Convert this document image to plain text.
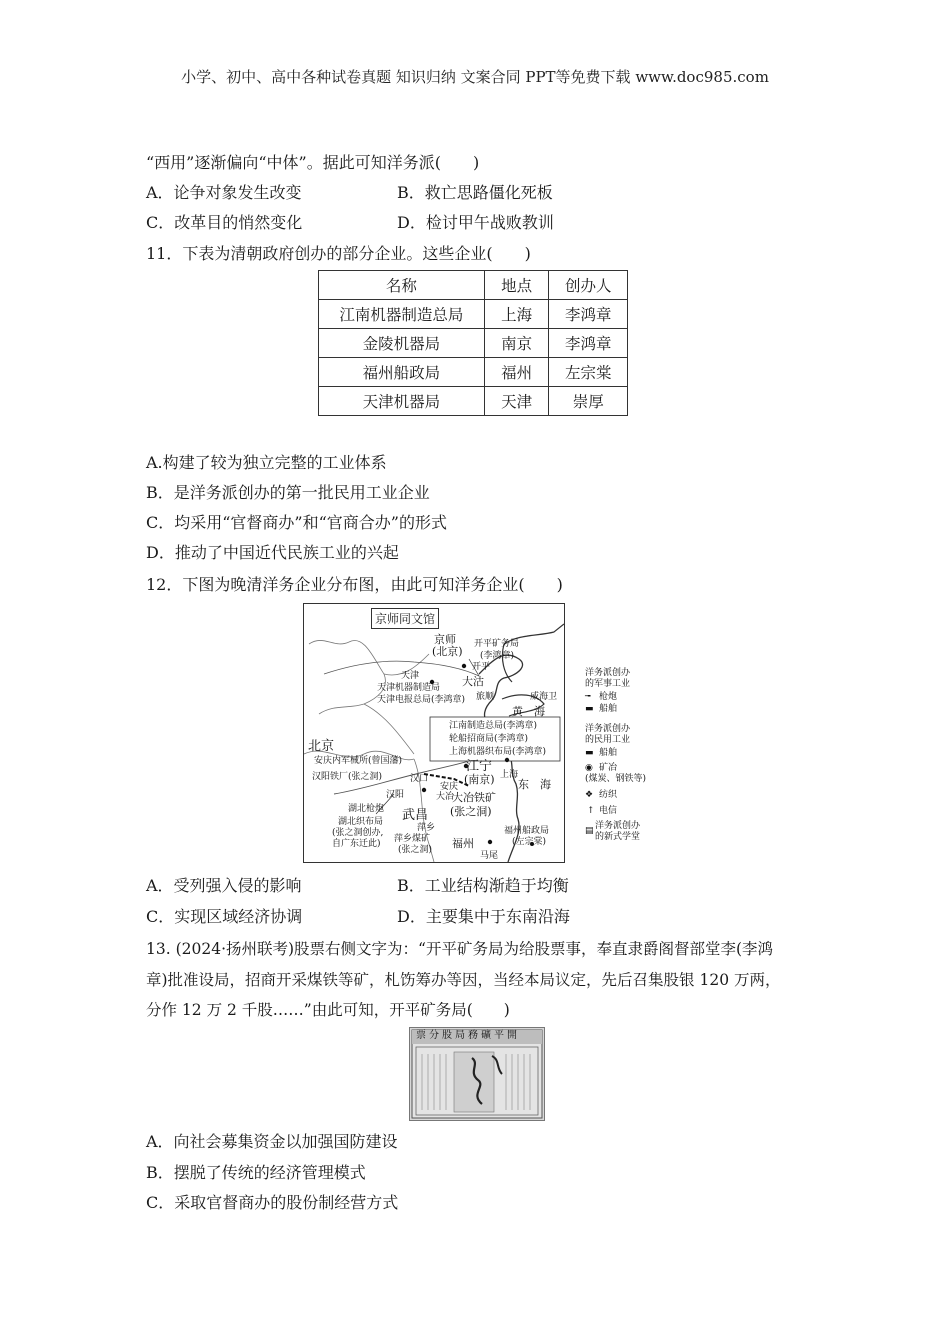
小学、初中、高中各种试卷真题 知识归纳 文案合同 PPT等免费下载 www.doc985.com
“西用”逐渐偏向“中体”。据此可知洋务派(　　)
A．论争对象发生改变	B．救亡思路僵化死板
C．改革目的悄然变化	D．检讨甲午战败教训
11．下表为清朝政府创办的部分企业。这些企业(　　)
名称	地点	创办人
江南机器制造总局	上海	李鸿章
金陵机器局	南京	李鸿章
福州船政局	福州	左宗棠
天津机器局	天津	崇厚
A.构建了较为独立完整的工业体系
B．是洋务派创办的第一批民用工业企业
C．均采用“官督商办”和“官商合办”的形式
D．推动了中国近代民族工业的兴起
12．下图为晚清洋务企业分布图，由此可知洋务企业(　　)
京师同文馆
京师
(北京)
开平矿务局
(李鸿章)
开平
天津
天津机器制造局
天津电报总局(李鸿章)
大沽
旅顺	威海卫
黄　海
江南制造总局(李鸿章)
轮船招商局(李鸿章)
上海机器织布局(李鸿章)
北京
安庆内军械所(曾国藩)
汉阳铁厂(张之洞)	汉口
汉阳
湖北枪炮
湖北织布局
(张之洞创办,
自广东迁此)
武昌
江宁
(南京) 上海
安庆
大冶
大冶铁矿
(张之洞)
萍乡
萍乡煤矿
(张之洞)
东　海
福州船政局
(左宗棠)
福州
马尾
洋务派创办
的军事工业
枪炮
╼
船舶
▬
洋务派创办
的民用工业
船舶
▬
矿冶
◉
(煤炭、钢铁等)
纺织
❖
电信
↑
洋务派创办
的新式学堂
▤
A．受列强入侵的影响	B．工业结构渐趋于均衡
C．实现区域经济协调	D．主要集中于东南沿海
13. (2024·扬州联考)股票右侧文字为：“开平矿务局为给股票事，奉直隶爵阁督部堂李(李鸿
章)批准设局，招商开采煤铁等矿，札饬筹办等因，当经本局议定，先后召集股银 120 万两，
分作 12 万 2 千股……”由此可知，开平矿务局(　　)
票分股局務礦平開
A．向社会募集资金以加强国防建设
B．摆脱了传统的经济管理模式
C．采取官督商办的股份制经营方式
